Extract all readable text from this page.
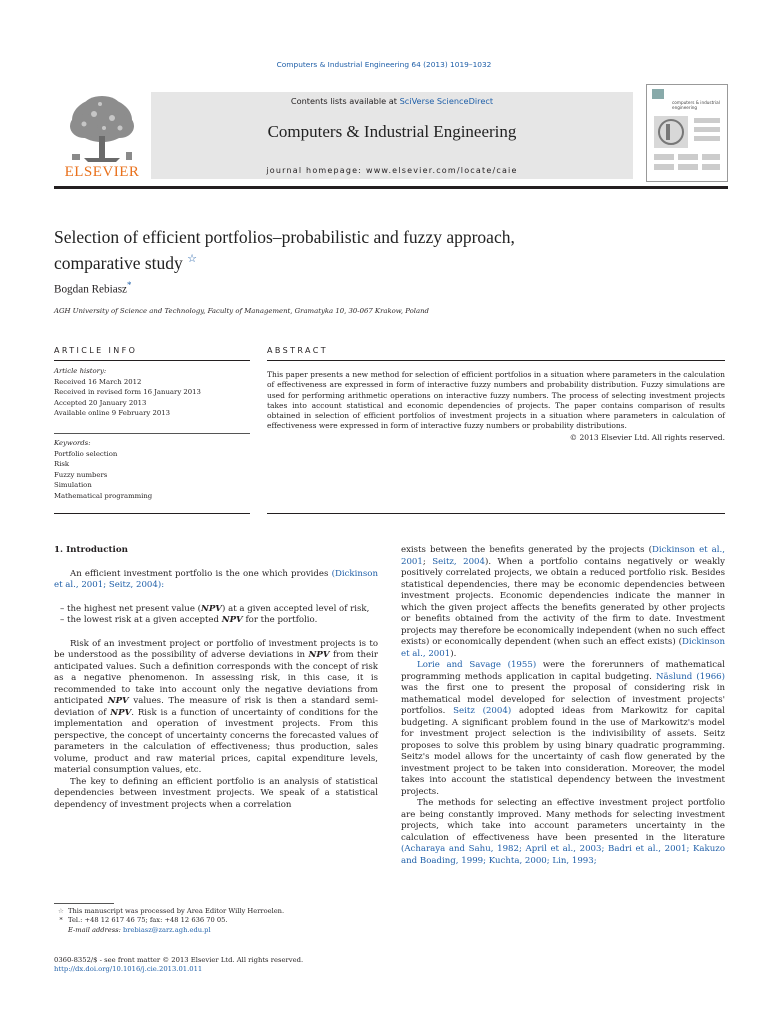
Computers & Industrial Engineering 64 (2013) 1019–1032
ELSEVIER
Contents lists available at SciVerse ScienceDirect
Computers & Industrial Engineering
journal homepage: www.elsevier.com/locate/caie
computers & industrial engineering
Selection of efficient portfolios–probabilistic and fuzzy approach,
comparative study ☆
Bogdan Rebiasz*
AGH University of Science and Technology, Faculty of Management, Gramatyka 10, 30-067 Krakow, Poland
ARTICLE INFO
Article history:
Received 16 March 2012
Received in revised form 16 January 2013
Accepted 20 January 2013
Available online 9 February 2013
Keywords:
Portfolio selection
Risk
Fuzzy numbers
Simulation
Mathematical programming
ABSTRACT
This paper presents a new method for selection of efficient portfolios in a situation where parameters in the calculation of effectiveness are expressed in form of interactive fuzzy numbers and probability distribution. Fuzzy simulations are used for performing arithmetic operations on interactive fuzzy numbers. The process of selecting investment projects takes into account statistical and economic dependencies of projects. The paper contains comparison of results obtained in selection of efficient portfolios of investment projects in a situation where parameters in calculation of effectiveness were expressed in form of interactive fuzzy numbers or probability distributions.
© 2013 Elsevier Ltd. All rights reserved.
1. Introduction

An efficient investment portfolio is the one which provides (Dickinson et al., 2001; Seitz, 2004):

– the highest net present value (NPV) at a given accepted level of risk,
– the lowest risk at a given accepted NPV for the portfolio.

Risk of an investment project or portfolio of investment projects is to be understood as the possibility of adverse deviations in NPV from their anticipated values. Such a definition corresponds with the concept of risk as a negative phenomenon. In assessing risk, in this case, it is recommended to take into account only the negative deviations from anticipated NPV values. The measure of risk is then a standard semi-deviation of NPV. Risk is a function of uncertainty of conditions for the implementation and operation of investment projects. From this perspective, the concept of uncertainty concerns the forecasted values of parameters in the calculation of effectiveness; thus production, sales volume, product and raw material prices, capital expenditure levels, material consumption values, etc.

The key to defining an efficient portfolio is an analysis of statistical dependencies between investment projects. We speak of a statistical dependency of investment projects when a correlation

☆ This manuscript was processed by Area Editor Willy Herroelen.
* Tel.: +48 12 617 46 75; fax: +48 12 636 70 05.
E-mail address: brebiasz@zarz.agh.edu.pl
0360-8352/$ - see front matter © 2013 Elsevier Ltd. All rights reserved.
http://dx.doi.org/10.1016/j.cie.2013.01.011

exists between the benefits generated by the projects (Dickinson et al., 2001; Seitz, 2004). When a portfolio contains negatively or weakly positively correlated projects, we obtain a reduced portfolio risk. Besides statistical dependencies, there may be economic dependencies between investment projects. Economic dependencies indicate the manner in which the given project affects the benefits generated by other projects or benefits obtained from the activity of the firm to date. Investment projects may therefore be economically independent (when no such effect exists) or economically dependent (when such an effect exists) (Dickinson et al., 2001).

Lorie and Savage (1955) were the forerunners of mathematical programming methods application in capital budgeting. Näslund (1966) was the first one to present the proposal of considering risk in mathematical model developed for selection of investment projects' portfolios. Seitz (2004) adopted ideas from Markowitz for capital budgeting. A significant problem found in the use of Markowitz's model for investment project selection is the indivisibility of assets. Seitz proposes to solve this problem by using binary quadratic programming. Seitz's model allows for the uncertainty of cash flow generated by the investment project to be taken into consideration. Moreover, the model takes into account the statistical dependency between the investment projects.

The methods for selecting an effective investment project portfolio are being constantly improved. Many methods for selecting investment projects, which take into account parameters uncertainty in the calculation of effectiveness have been presented in the literature (Acharaya and Sahu, 1982; April et al., 2003; Badri et al., 2001; Kakuzo and Boading, 1999; Kuchta, 2000; Lin, 1993;
